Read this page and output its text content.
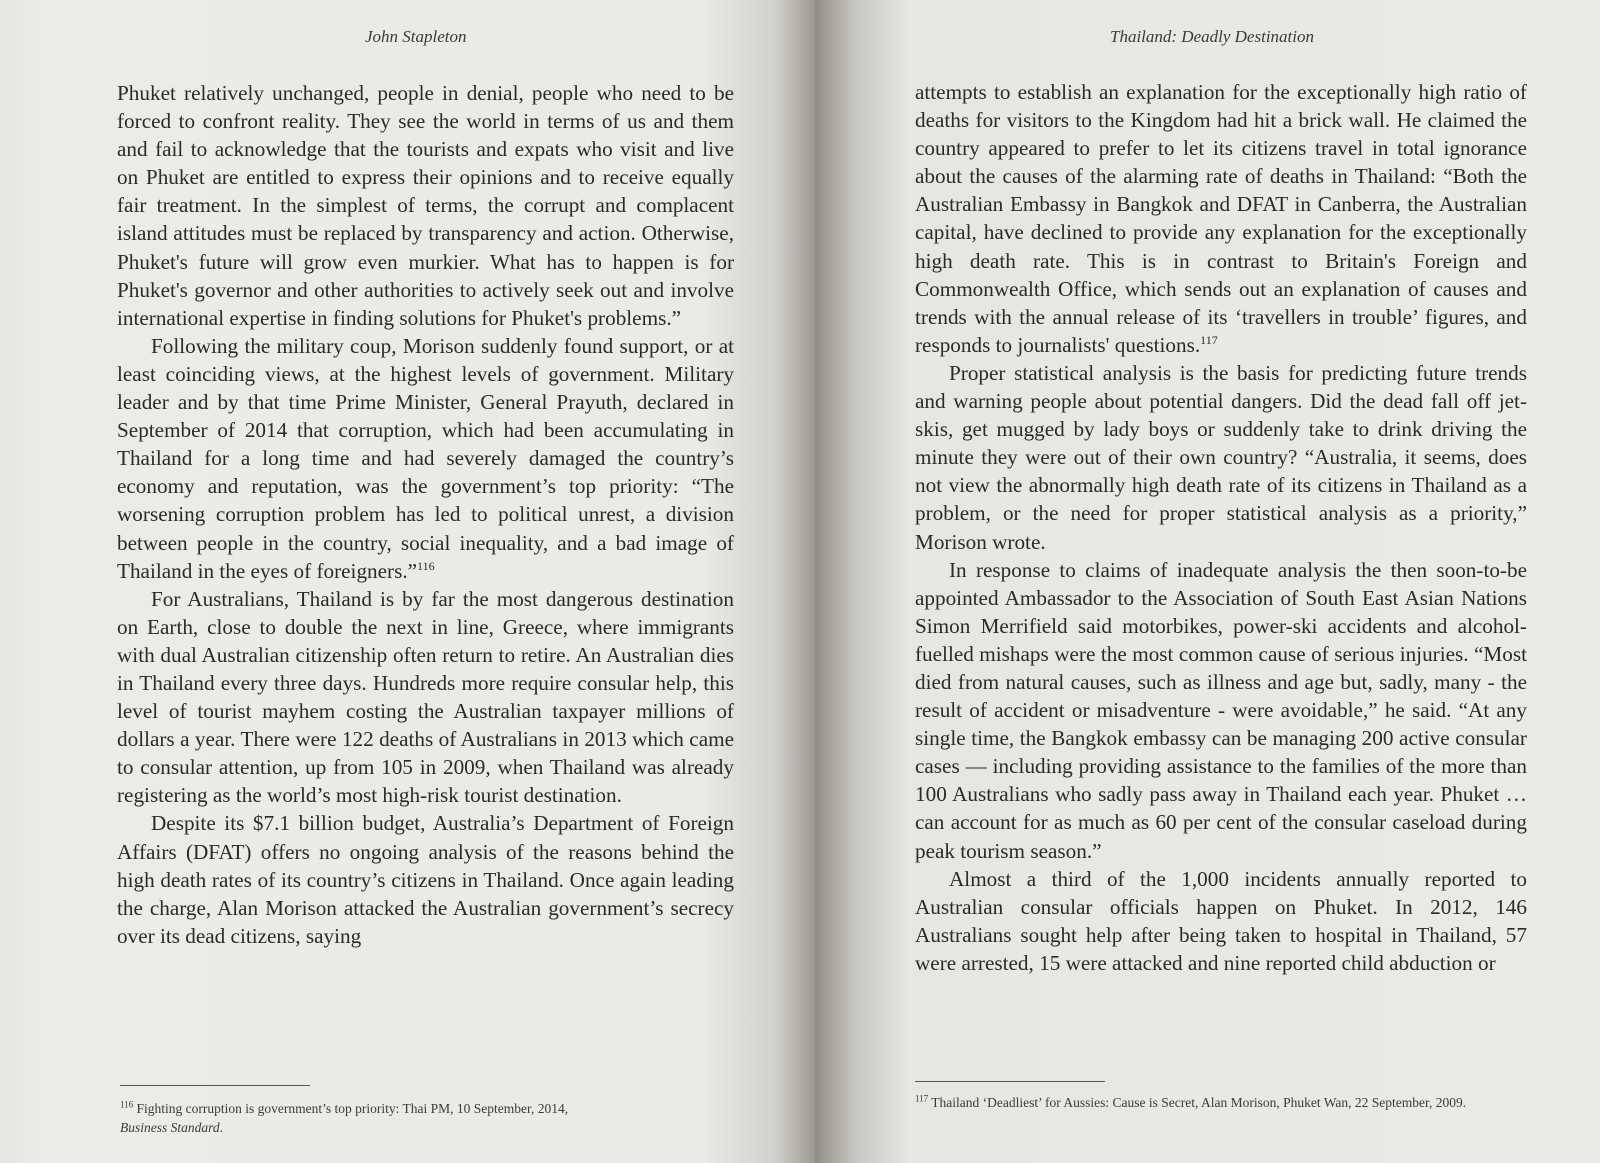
John Stapleton

Phuket relatively unchanged, people in denial, people who need to be forced to confront reality. They see the world in terms of us and them and fail to acknowledge that the tourists and expats who visit and live on Phuket are entitled to express their opinions and to receive equally fair treatment. In the simplest of terms, the corrupt and complacent island attitudes must be replaced by transparency and action. Otherwise, Phuket's future will grow even murkier. What has to happen is for Phuket's governor and other authorities to actively seek out and involve international expertise in finding solutions for Phuket's problems.”

Following the military coup, Morison suddenly found support, or at least coinciding views, at the highest levels of government. Military leader and by that time Prime Minister, General Prayuth, declared in September of 2014 that corruption, which had been accumulating in Thailand for a long time and had severely damaged the country’s economy and reputation, was the government’s top priority: “The worsening corruption problem has led to political unrest, a division between people in the country, social inequality, and a bad image of Thailand in the eyes of foreigners.”$^{116}$

For Australians, Thailand is by far the most dangerous destination on Earth, close to double the next in line, Greece, where immigrants with dual Australian citizenship often return to retire. An Australian dies in Thailand every three days. Hundreds more require consular help, this level of tourist mayhem costing the Australian taxpayer millions of dollars a year. There were 122 deaths of Australians in 2013 which came to consular attention, up from 105 in 2009, when Thailand was already registering as the world’s most high-risk tourist destination.

Despite its $7.1 billion budget, Australia’s Department of Foreign Affairs (DFAT) offers no ongoing analysis of the reasons behind the high death rates of its country’s citizens in Thailand. Once again leading the charge, Alan Morison attacked the Australian government’s secrecy over its dead citizens, saying

$^{116}$ Fighting corruption is government’s top priority: Thai PM, 10 September, 2014,
Business Standard.
Thailand: Deadly Destination

attempts to establish an explanation for the exceptionally high ratio of deaths for visitors to the Kingdom had hit a brick wall. He claimed the country appeared to prefer to let its citizens travel in total ignorance about the causes of the alarming rate of deaths in Thailand: “Both the Australian Embassy in Bangkok and DFAT in Canberra, the Australian capital, have declined to provide any explanation for the exceptionally high death rate. This is in contrast to Britain's Foreign and Commonwealth Office, which sends out an explanation of causes and trends with the annual release of its ‘travellers in trouble’ figures, and responds to journalists' questions.$^{117}$

Proper statistical analysis is the basis for predicting future trends and warning people about potential dangers. Did the dead fall off jet-skis, get mugged by lady boys or suddenly take to drink driving the minute they were out of their own country? “Australia, it seems, does not view the abnormally high death rate of its citizens in Thailand as a problem, or the need for proper statistical analysis as a priority,” Morison wrote.

In response to claims of inadequate analysis the then soon-to-be appointed Ambassador to the Association of South East Asian Nations Simon Merrifield said motorbikes, power-ski accidents and alcohol-fuelled mishaps were the most common cause of serious injuries. “Most died from natural causes, such as illness and age but, sadly, many - the result of accident or misadventure - were avoidable,” he said. “At any single time, the Bangkok embassy can be managing 200 active consular cases — including providing assistance to the families of the more than 100 Australians who sadly pass away in Thailand each year. Phuket … can account for as much as 60 per cent of the consular caseload during peak tourism season.”

Almost a third of the 1,000 incidents annually reported to Australian consular officials happen on Phuket. In 2012, 146 Australians sought help after being taken to hospital in Thailand, 57 were arrested, 15 were attacked and nine reported child abduction or

$^{117}$ Thailand ‘Deadliest’ for Aussies: Cause is Secret, Alan Morison, Phuket Wan, 22 September, 2009.
